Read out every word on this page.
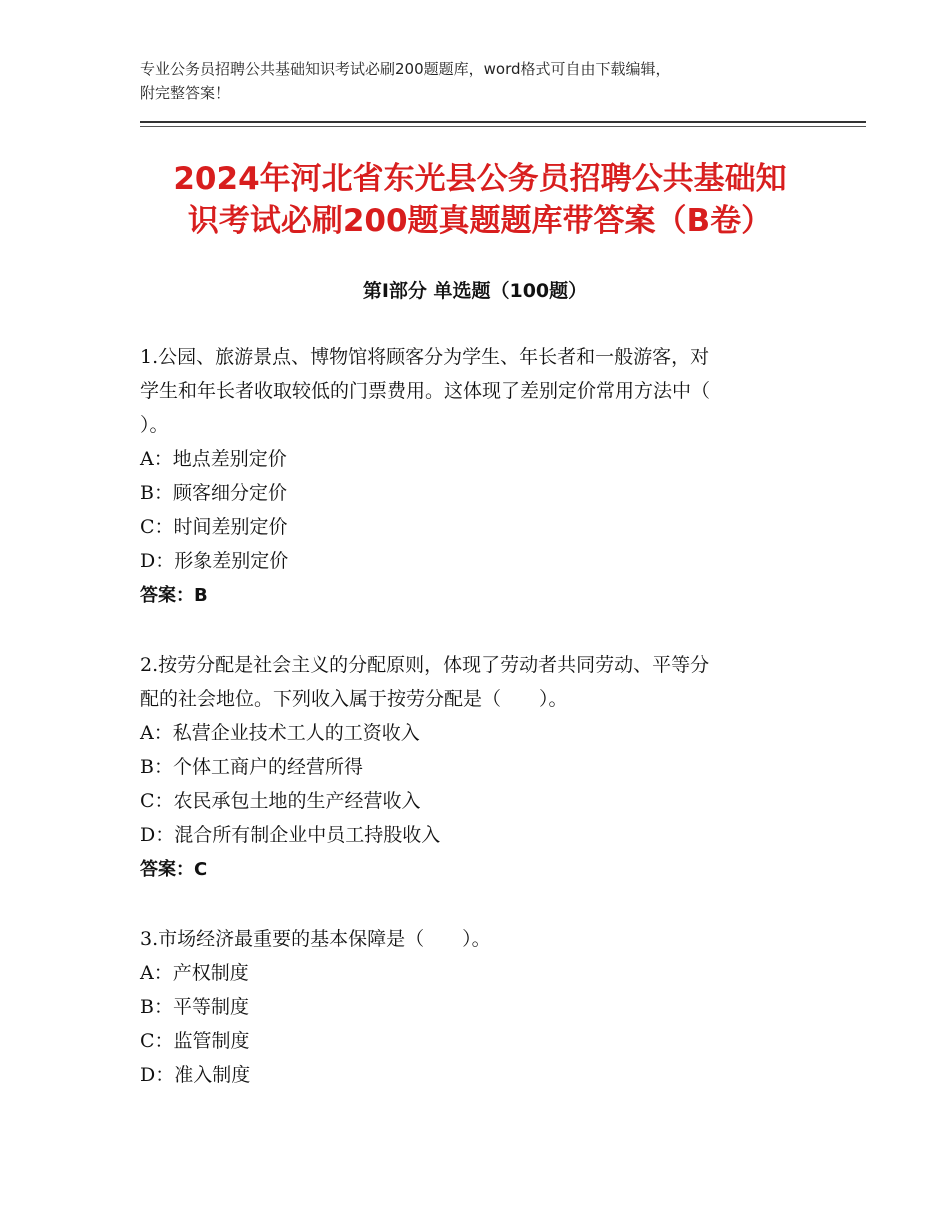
专业公务员招聘公共基础知识考试必刷200题题库，word格式可自由下载编辑，
附完整答案！
2024年河北省东光县公务员招聘公共基础知
识考试必刷200题真题题库带答案（B卷）
第Ⅰ部分 单选题（100题）

1.公园、旅游景点、博物馆将顾客分为学生、年长者和一般游客，对

学生和年长者收取较低的门票费用。这体现了差别定价常用方法中（

）。

A：地点差别定价

B：顾客细分定价

C：时间差别定价

D：形象差别定价

答案：B

2.按劳分配是社会主义的分配原则，体现了劳动者共同劳动、平等分

配的社会地位。下列收入属于按劳分配是（　　）。

A：私营企业技术工人的工资收入

B：个体工商户的经营所得

C：农民承包土地的生产经营收入

D：混合所有制企业中员工持股收入

答案：C

3.市场经济最重要的基本保障是（　　）。

A：产权制度

B：平等制度

C：监管制度

D：准入制度
